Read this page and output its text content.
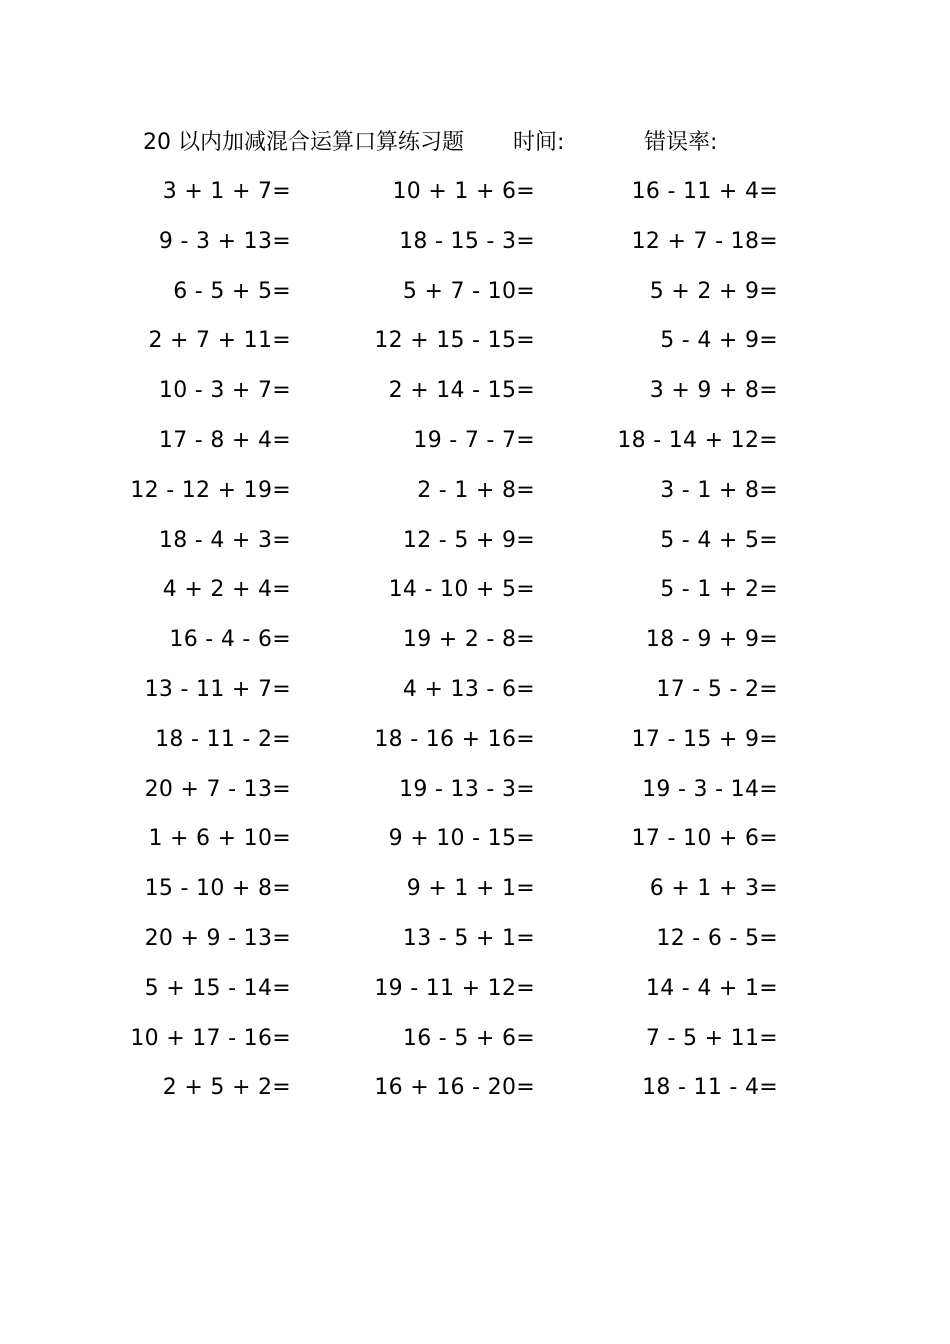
20 以内加减混合运算口算练习题 时间:	错误率:
3 + 1 + 7=	10 + 1 + 6=	16 - 11 + 4=
9 - 3 + 13=	18 - 15 - 3=	12 + 7 - 18=
6 - 5 + 5=	5 + 7 - 10=	5 + 2 + 9=
2 + 7 + 11=	12 + 15 - 15=	5 - 4 + 9=
10 - 3 + 7=	2 + 14 - 15=	3 + 9 + 8=
17 - 8 + 4=	19 - 7 - 7=	18 - 14 + 12=
12 - 12 + 19=	2 - 1 + 8=	3 - 1 + 8=
18 - 4 + 3=	12 - 5 + 9=	5 - 4 + 5=
4 + 2 + 4=	14 - 10 + 5=	5 - 1 + 2=
16 - 4 - 6=	19 + 2 - 8=	18 - 9 + 9=
13 - 11 + 7=	4 + 13 - 6=	17 - 5 - 2=
18 - 11 - 2=	18 - 16 + 16=	17 - 15 + 9=
20 + 7 - 13=	19 - 13 - 3=	19 - 3 - 14=
1 + 6 + 10=	9 + 10 - 15=	17 - 10 + 6=
15 - 10 + 8=	9 + 1 + 1=	6 + 1 + 3=
20 + 9 - 13=	13 - 5 + 1=	12 - 6 - 5=
5 + 15 - 14=	19 - 11 + 12=	14 - 4 + 1=
10 + 17 - 16=	16 - 5 + 6=	7 - 5 + 11=
2 + 5 + 2=	16 + 16 - 20=	18 - 11 - 4=
